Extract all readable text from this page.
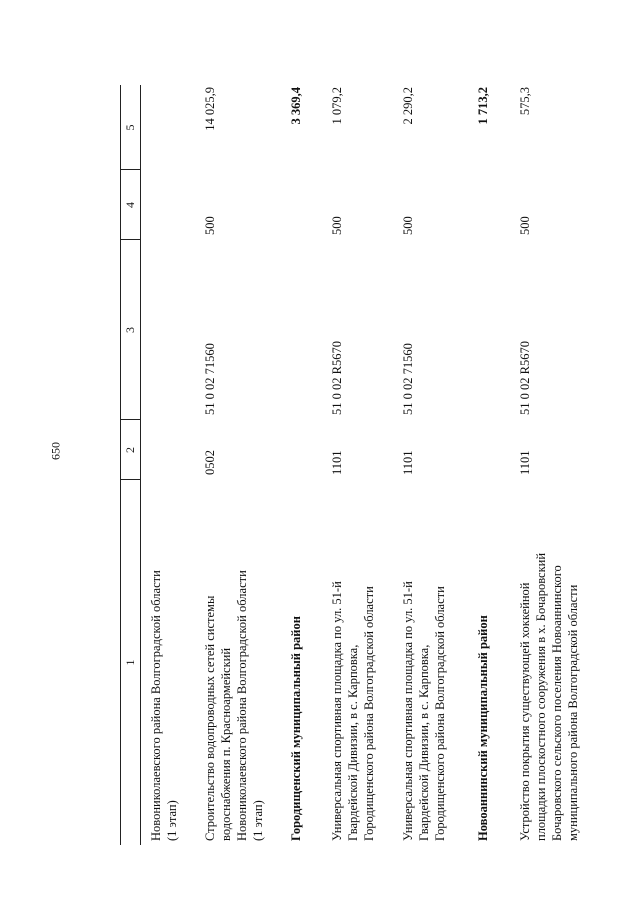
650
1
2
3
4
5
Новониколаевского района Волгоградской области (1 этап) Строительство водопроводных сетей системы водоснабжения п. Красноармейский Новониколаевского района Волгоградской области (1 этап)
0502
51 0 02 71560
500
14 025,9
Городищенский муниципальный район
3 369,4
Универсальная спортивная площадка по ул. 51-й Гвардейской Дивизии, в с. Карповка, Городищенского района Волгоградской области
1101
51 0 02 R5670
500
1 079,2
Универсальная спортивная площадка по ул. 51-й Гвардейской Дивизии, в с. Карповка, Городищенского района Волгоградской области
1101
51 0 02 71560
500
2 290,2
Новоаннинский муниципальный район
1 713,2
Устройство покрытия существующей хоккейной площадки плоскостного сооружения в х. Бочаровский Бочаровского сельского поселения Новоаннинского муниципального района Волгоградской области
1101
51 0 02 R5670
500
575,3
